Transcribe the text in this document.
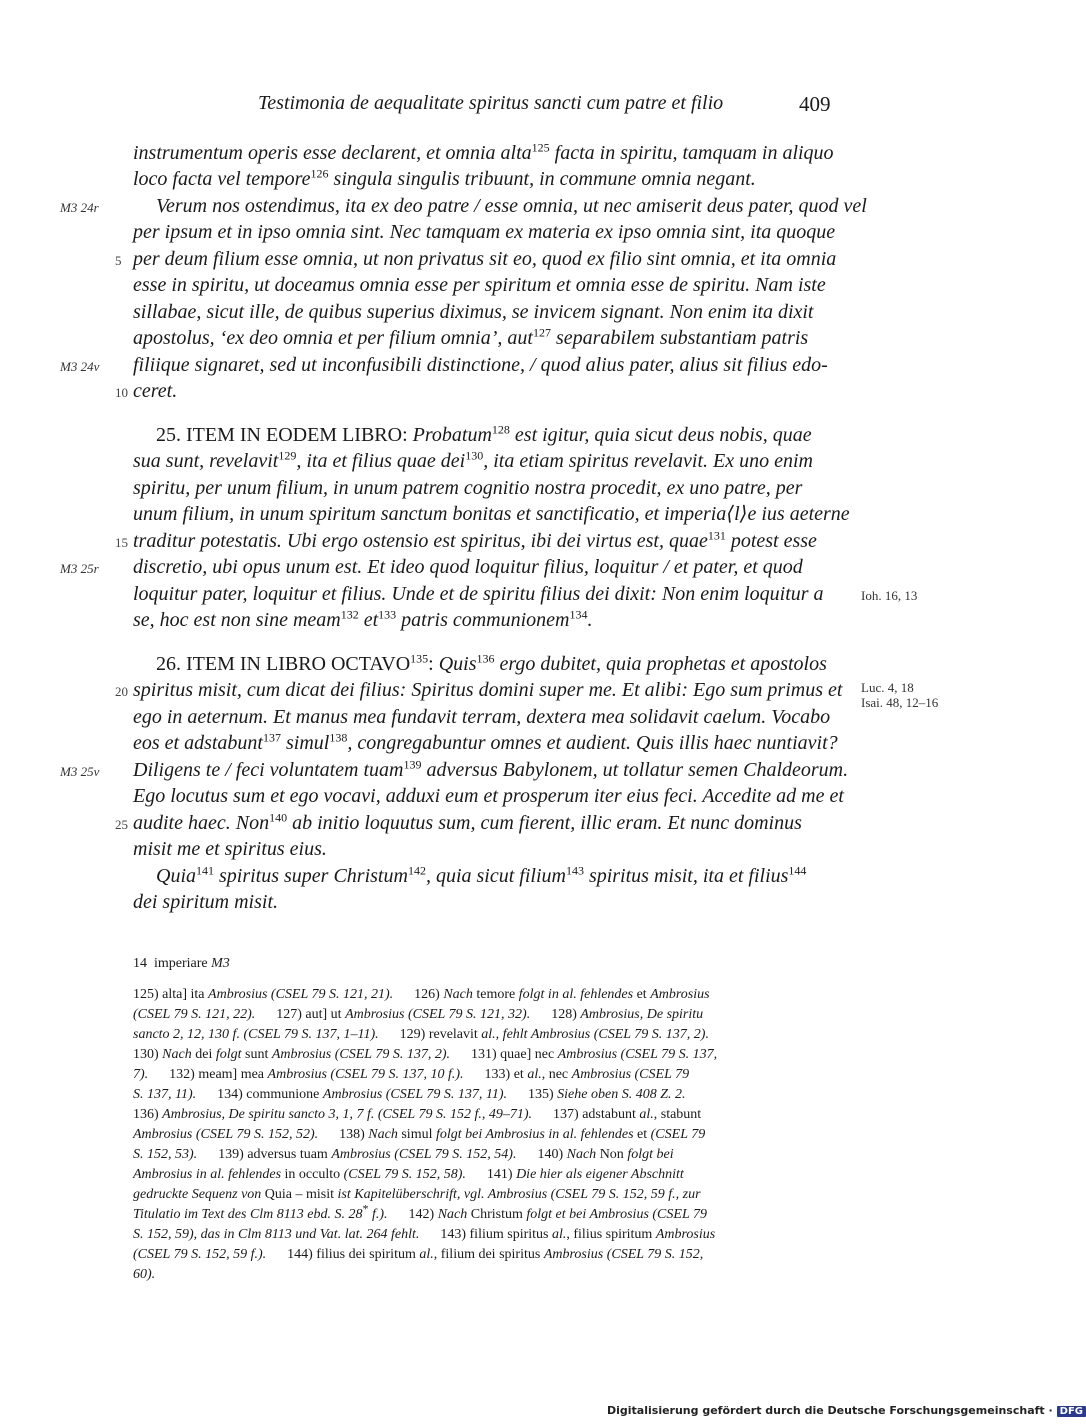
Testimonia de aequalitate spiritus sancti cum patre et filio	409
instrumentum operis esse declarent, et omnia alta$^{125}$ facta in spiritu, tamquam in aliquo
loco facta vel tempore$^{126}$ singula singulis tribuunt, in commune omnia negant.
Verum nos ostendimus, ita ex deo patre / esse omnia, ut nec amiserit deus pater, quod vel
per ipsum et in ipso omnia sint. Nec tamquam ex materia ex ipso omnia sint, ita quoque
per deum filium esse omnia, ut non privatus sit eo, quod ex filio sint omnia, et ita omnia
esse in spiritu, ut doceamus omnia esse per spiritum et omnia esse de spiritu. Nam iste
sillabae, sicut ille, de quibus superius diximus, se invicem signant. Non enim ita dixit
apostolus, ‘ex deo omnia et per filium omnia’, aut$^{127}$ separabilem substantiam patris
filiique signaret, sed ut inconfusibili distinctione, / quod alius pater, alius sit filius edo-
ceret.
25. ITEM IN EODEM LIBRO: Probatum$^{128}$ est igitur, quia sicut deus nobis, quae
sua sunt, revelavit$^{129}$, ita et filius quae dei$^{130}$, ita etiam spiritus revelavit. Ex uno enim
spiritu, per unum filium, in unum patrem cognitio nostra procedit, ex uno patre, per
unum filium, in unum spiritum sanctum bonitas et sanctificatio, et imperia⟨l⟩e ius aeterne
traditur potestatis. Ubi ergo ostensio est spiritus, ibi dei virtus est, quae$^{131}$ potest esse
discretio, ubi opus unum est. Et ideo quod loquitur filius, loquitur / et pater, et quod
loquitur pater, loquitur et filius. Unde et de spiritu filius dei dixit: Non enim loquitur a
se, hoc est non sine meam$^{132}$ $et^{133}$ patris communionem$^{134}$.
26. ITEM IN LIBRO OCTAVO$^{135}$: Quis$^{136}$ ergo dubitet, quia prophetas et apostolos
spiritus misit, cum dicat dei filius: Spiritus domini super me. Et alibi: Ego sum primus et
ego in aeternum. Et manus mea fundavit terram, dextera mea solidavit caelum. Vocabo
eos et adstabunt$^{137}$ simul$^{138}$, congregabuntur omnes et audient. Quis illis haec nuntiavit?
Diligens te / feci voluntatem tuam$^{139}$ adversus Babylonem, ut tollatur semen Chaldeorum.
Ego locutus sum et ego vocavi, adduxi eum et prosperum iter eius feci. Accedite ad me et
audite haec. Non$^{140}$ ab initio loquutus sum, cum fierent, illic eram. Et nunc dominus
misit me et spiritus eius.
Quia$^{141}$ spiritus super Christum$^{142}$, quia sicut filium$^{143}$ spiritus misit, ita et filius$^{144}$
dei spiritum misit.
5
10
15
20
25
M3 24r
M3 24v
M3 25r
M3 25v
Ioh. 16, 13
Luc. 4, 18
Isai. 48, 12–16
14 imperiare M3
125) alta] ita Ambrosius (CSEL 79 S. 121, 21).      126) Nach temore folgt in al. fehlendes et Ambrosius
(CSEL 79 S. 121, 22).      127) aut] ut Ambrosius (CSEL 79 S. 121, 32).      128) Ambrosius, De spiritu
sancto 2, 12, 130 f. (CSEL 79 S. 137, 1–11).      129) revelavit al., fehlt Ambrosius (CSEL 79 S. 137, 2).
130) Nach dei folgt sunt Ambrosius (CSEL 79 S. 137, 2).      131) quae] nec Ambrosius (CSEL 79 S. 137,
7).      132) meam] mea Ambrosius (CSEL 79 S. 137, 10 f.).      133) et al., nec Ambrosius (CSEL 79
S. 137, 11).      134) communione Ambrosius (CSEL 79 S. 137, 11).      135) Siehe oben S. 408 Z. 2.
136) Ambrosius, De spiritu sancto 3, 1, 7 f. (CSEL 79 S. 152 f., 49–71).      137) adstabunt al., stabunt
Ambrosius (CSEL 79 S. 152, 52).      138) Nach simul folgt bei Ambrosius in al. fehlendes et (CSEL 79
S. 152, 53).      139) adversus tuam Ambrosius (CSEL 79 S. 152, 54).      140) Nach Non folgt bei
Ambrosius in al. fehlendes in occulto (CSEL 79 S. 152, 58).      141) Die hier als eigener Abschnitt
gedruckte Sequenz von Quia – misit ist Kapitelüberschrift, vgl. Ambrosius (CSEL 79 S. 152, 59 f., zur
Titulatio im Text des Clm 8113 ebd. S. 28* f.).      142) Nach Christum folgt et bei Ambrosius (CSEL 79
S. 152, 59), das in Clm 8113 und Vat. lat. 264 fehlt.      143) filium spiritus al., filius spiritum Ambrosius
(CSEL 79 S. 152, 59 f.).      144) filius dei spiritum al., filium dei spiritus Ambrosius (CSEL 79 S. 152,
60).
Digitalisierung gefördert durch die Deutsche Forschungsgemeinschaft · DFG
